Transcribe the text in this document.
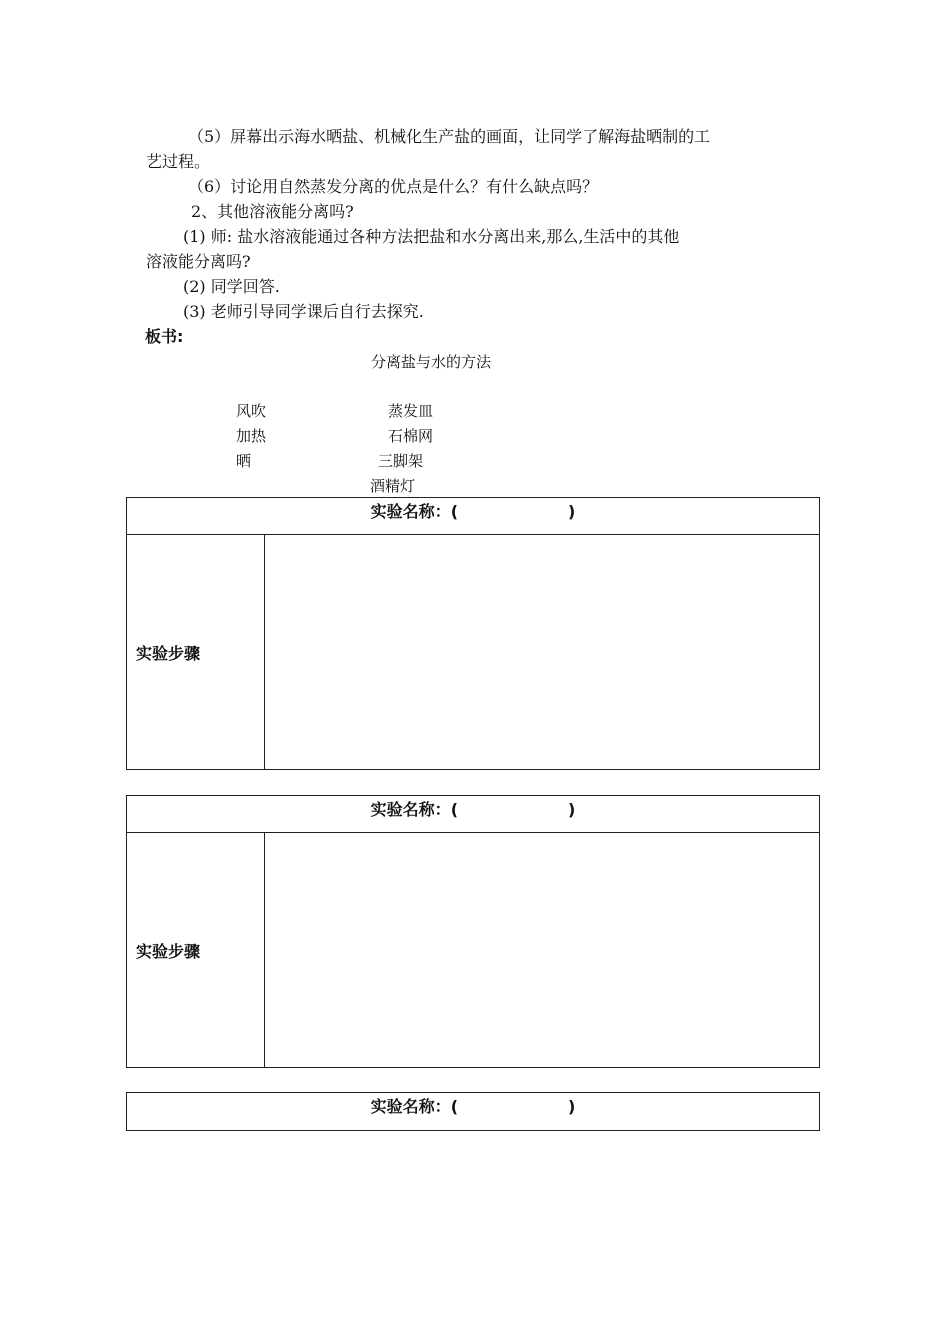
（5）屏幕出示海水晒盐、机械化生产盐的画面，让同学了解海盐晒制的工
艺过程。
（6）讨论用自然蒸发分离的优点是什么？有什么缺点吗？
2、其他溶液能分离吗?
(1) 师: 盐水溶液能通过各种方法把盐和水分离出来,那么,生活中的其他
溶液能分离吗?
(2) 同学回答.
(3) 老师引导同学课后自行去探究.
板书:
分离盐与水的方法
风吹
加热
晒
蒸发皿
石棉网
三脚架
酒精灯
实验名称：(	)
实验步骤
实验名称：(	)
实验步骤
实验名称：(	)
